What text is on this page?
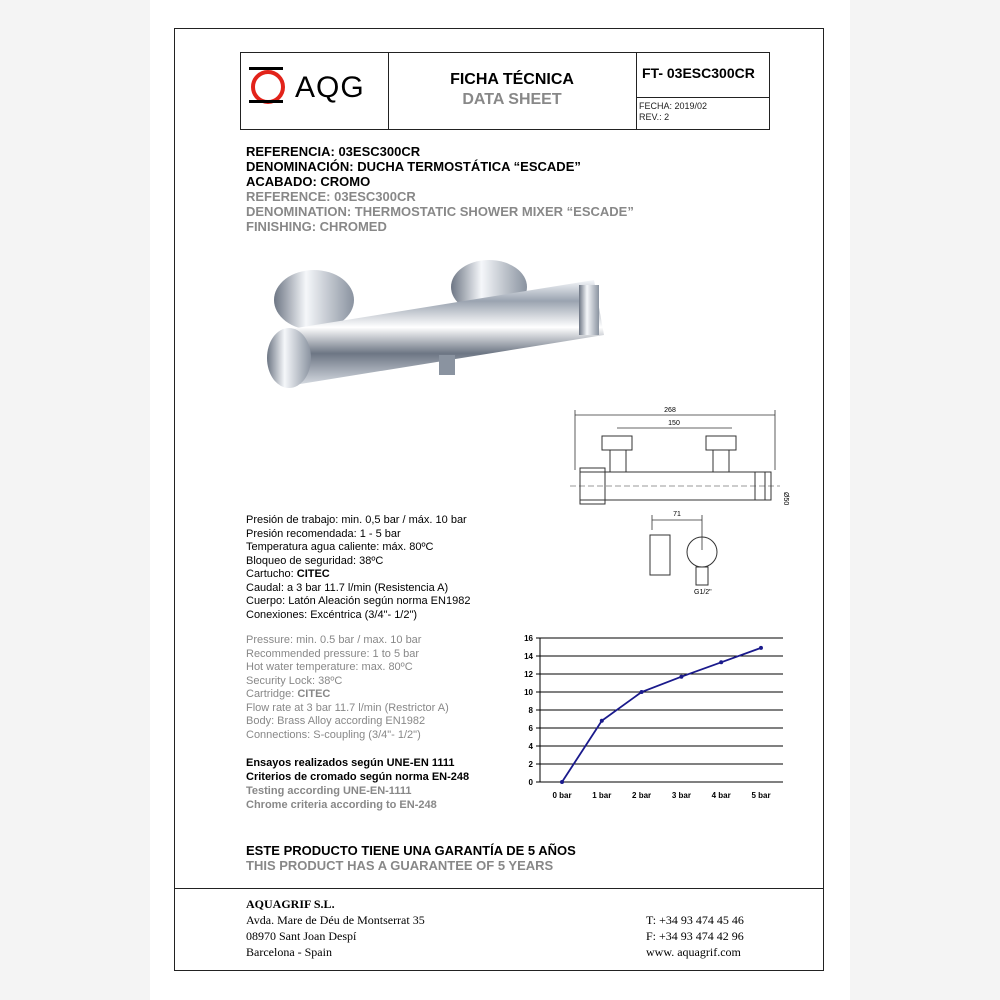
AQG	FICHA TÉCNICA
DATA SHEET
FT- 03ESC300CR
FECHA: 2019/02
REV.: 2
REFERENCIA: 03ESC300CR
DENOMINACIÓN: DUCHA TERMOSTÁTICA “ESCADE”
ACABADO: CROMO
REFERENCE: 03ESC300CR
DENOMINATION: THERMOSTATIC SHOWER MIXER “ESCADE”
FINISHING: CHROMED
268
150
Ø50
71
G1/2"
Presión de trabajo: min. 0,5 bar / máx. 10 bar
Presión recomendada: 1 - 5 bar
Temperatura agua caliente: máx. 80ºC
Bloqueo de seguridad: 38ºC
Cartucho: CITEC
Caudal: a 3 bar 11.7 l/min (Resistencia A)
Cuerpo: Latón Aleación según norma EN1982
Conexiones: Excéntrica (3/4"- 1/2")
Pressure: min. 0.5 bar / max. 10 bar
Recommended pressure: 1 to 5 bar
Hot water temperature: max. 80ºC
Security Lock: 38ºC
Cartridge: CITEC
Flow rate at 3 bar 11.7 l/min (Restrictor A)
Body: Brass Alloy according EN1982
Connections: S-coupling (3/4"- 1/2")
0
2
4
6
8
10
12
14
16
0 bar	1 bar	2 bar	3 bar	4 bar	5 bar
Ensayos realizados según UNE-EN 1111
Criterios de cromado según norma EN-248
Testing according UNE-EN-1111
Chrome criteria according to EN-248
ESTE PRODUCTO TIENE UNA GARANTÍA DE 5 AÑOS
THIS PRODUCT HAS A GUARANTEE OF 5 YEARS
AQUAGRIF S.L.
Avda. Mare de Déu de Montserrat 35
08970 Sant Joan Despí
Barcelona - Spain
T: +34 93 474 45 46
F: +34 93 474 42 96
www. aquagrif.com
